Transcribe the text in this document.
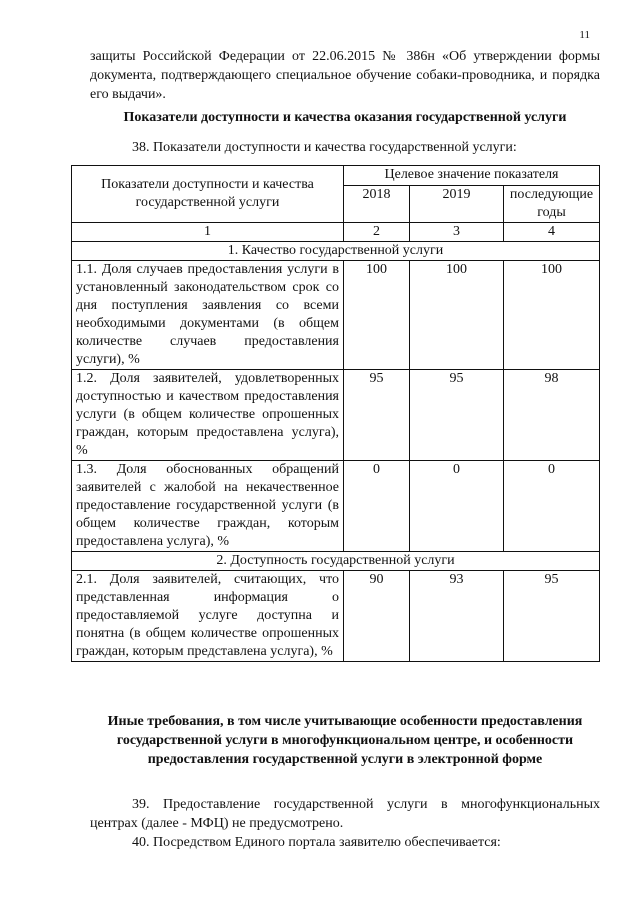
11
защиты Российской Федерации от 22.06.2015 № 386н «Об утверждении формы документа, подтверждающего специальное обучение собаки-проводника, и порядка его выдачи».
Показатели доступности и качества оказания государственной услуги
38. Показатели доступности и качества государственной услуги:
Показатели доступности и качества государственной услуги	Целевое значение показателя		
	2018	2019	последующие годы
1	2	3	4
1. Качество государственной услуги			
1.1. Доля случаев предоставления услуги в установленный законодательством срок со дня поступления заявления со всеми необходимыми документами (в общем количестве случаев предоставления услуги), %	100	100	100
1.2. Доля заявителей, удовлетворенных доступностью и качеством предоставления услуги (в общем количестве опрошенных граждан, которым предоставлена услуга), %	95	95	98
1.3. Доля обоснованных обращений заявителей с жалобой на некачественное предоставление государственной услуги (в общем количестве граждан, которым предоставлена услуга), %	0	0	0
2. Доступность государственной услуги			
2.1. Доля заявителей, считающих, что представленная информация о предоставляемой услуге доступна и понятна (в общем количестве опрошенных граждан, которым представлена услуга), %	90	93	95
Иные требования, в том числе учитывающие особенности предоставления государственной услуги в многофункциональном центре, и особенности предоставления государственной услуги в электронной форме
39. Предоставление государственной услуги в многофункциональных центрах (далее - МФЦ) не предусмотрено.
40. Посредством Единого портала заявителю обеспечивается:
